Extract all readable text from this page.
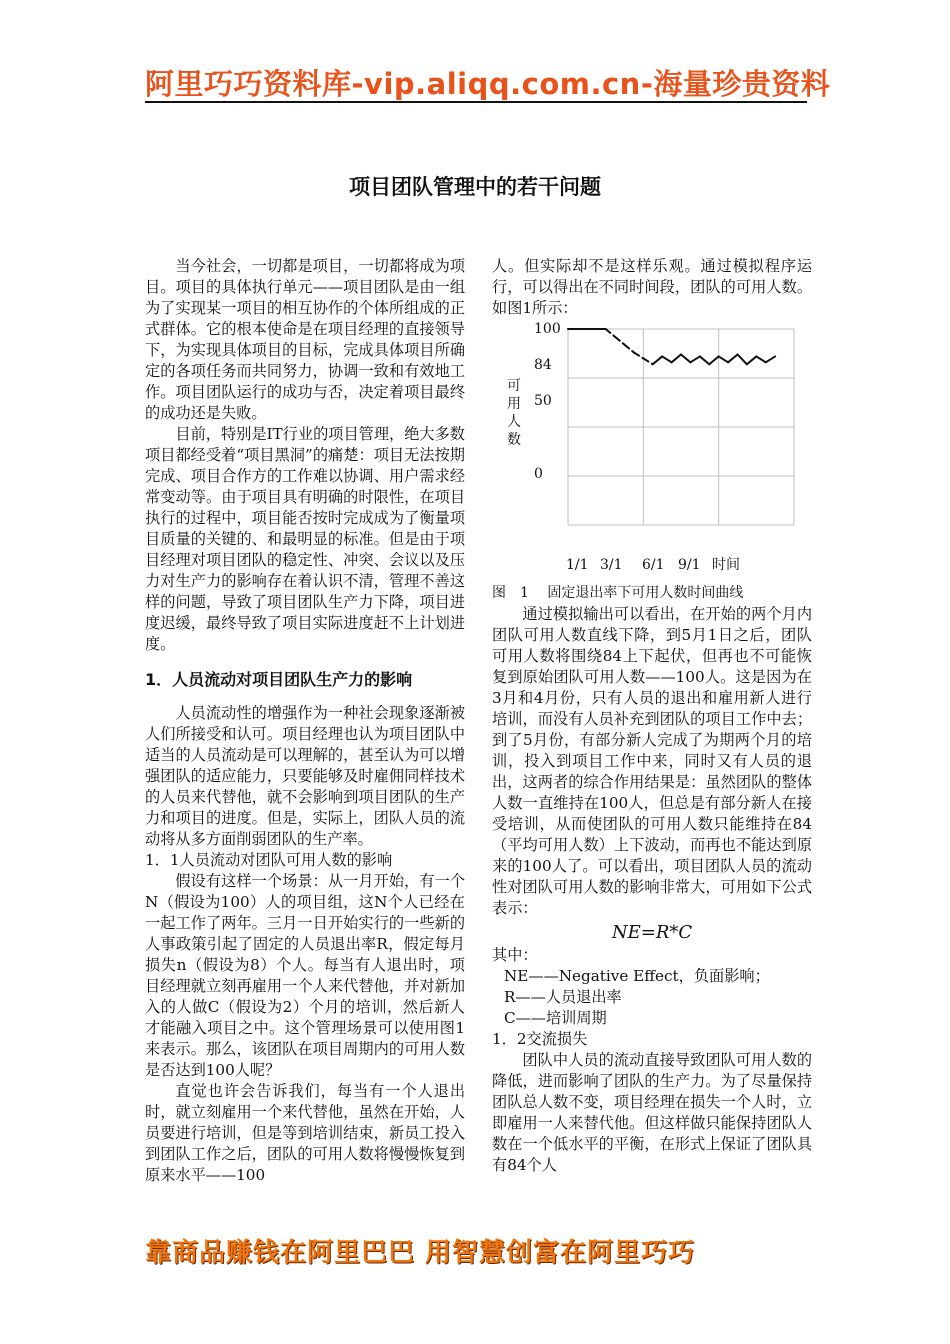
阿里巧巧资料库-vip.aliqq.com.cn-海量珍贵资料
项目团队管理中的若干问题

当今社会，一切都是项目，一切都将成为项目。项目的具体执行单元——项目团队是由一组为了实现某一项目的相互协作的个体所组成的正式群体。它的根本使命是在项目经理的直接领导下，为实现具体项目的目标，完成具体项目所确定的各项任务而共同努力，协调一致和有效地工作。项目团队运行的成功与否，决定着项目最终的成功还是失败。

目前，特别是IT行业的项目管理，绝大多数项目都经受着“项目黑洞”的痛楚：项目无法按期完成、项目合作方的工作难以协调、用户需求经常变动等。由于项目具有明确的时限性，在项目执行的过程中，项目能否按时完成成为了衡量项目质量的关键的、和最明显的标准。但是由于项目经理对项目团队的稳定性、冲突、会议以及压力对生产力的影响存在着认识不清，管理不善这样的问题，导致了项目团队生产力下降，项目进度迟缓，最终导致了项目实际进度赶不上计划进度。

1．人员流动对项目团队生产力的影响

人员流动性的增强作为一种社会现象逐渐被人们所接受和认可。项目经理也认为项目团队中适当的人员流动是可以理解的，甚至认为可以增强团队的适应能力，只要能够及时雇佣同样技术的人员来代替他，就不会影响到项目团队的生产力和项目的进度。但是，实际上，团队人员的流动将从多方面削弱团队的生产率。

1．1人员流动对团队可用人数的影响

假设有这样一个场景：从一月开始，有一个N（假设为100）人的项目组，这N个人已经在一起工作了两年。三月一日开始实行的一些新的人事政策引起了固定的人员退出率R，假定每月损失n（假设为8）个人。每当有人退出时，项目经理就立刻再雇用一个人来代替他，并对新加入的人做C（假设为2）个月的培训，然后新人才能融入项目之中。这个管理场景可以使用图1来表示。那么，该团队在项目周期内的可用人数是否达到100人呢？

直觉也许会告诉我们，每当有一个人退出时，就立刻雇用一个来代替他，虽然在开始，人员要进行培训，但是等到培训结束，新员工投入到团队工作之后，团队的可用人数将慢慢恢复到原来水平——100

人。但实际却不是这样乐观。通过模拟程序运行，可以得出在不同时间段，团队的可用人数。如图1所示：

100
84
50
0
可用人数
1/1 3/1 6/1 9/1 时间

图　1　 固定退出率下可用人数时间曲线

通过模拟输出可以看出，在开始的两个月内团队可用人数直线下降，到5月1日之后，团队可用人数将围绕84上下起伏，但再也不可能恢复到原始团队可用人数——100人。这是因为在3月和4月份，只有人员的退出和雇用新人进行培训，而没有人员补充到团队的项目工作中去；到了5月份，有部分新人完成了为期两个月的培训，投入到项目工作中来，同时又有人员的退出，这两者的综合作用结果是：虽然团队的整体人数一直维持在100人，但总是有部分新人在接受培训，从而使团队的可用人数只能维持在84（平均可用人数）上下波动，而再也不能达到原来的100人了。可以看出，项目团队人员的流动性对团队可用人数的影响非常大，可用如下公式表示：

NE=R*C

其中：

NE——Negative Effect，负面影响；

R——人员退出率

C——培训周期

1．2交流损失

团队中人员的流动直接导致团队可用人数的降低，进而影响了团队的生产力。为了尽量保持团队总人数不变，项目经理在损失一个人时，立即雇用一人来替代他。但这样做只能保持团队人数在一个低水平的平衡，在形式上保证了团队具有84个人

靠商品赚钱在阿里巴巴 用智慧创富在阿里巧巧
